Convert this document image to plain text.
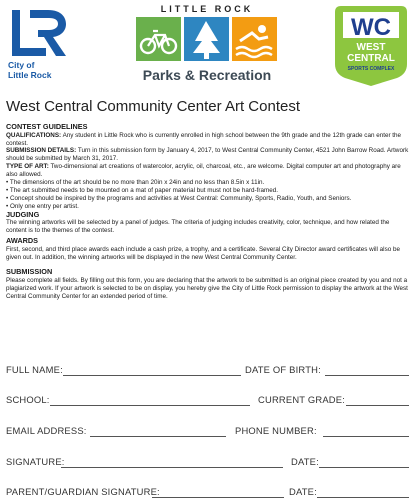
City of
Little Rock
LITTLE ROCK
Parks & Recreation
WC
WEST
CENTRAL
SPORTS COMPLEX
West Central Community Center Art Contest
CONTEST GUIDELINES

QUALIFICATIONS: Any student in Little Rock who is currently enrolled in high school between the 9th grade and the 12th grade can enter the contest.

SUBMISSION DETAILS: Turn in this submission form by January 4, 2017, to West Central Community Center, 4521 John Barrow Road. Artwork should be submitted by March 31, 2017.

TYPE OF ART: Two-dimensional art creations of watercolor, acrylic, oil, charcoal, etc., are welcome. Digital computer art and photography are also allowed.

• The dimensions of the art should be no more than 20in x 24in and no less than 8.5in x 11in.

• The art submitted needs to be mounted on a mat of paper material but must not be hard-framed.

• Concept should be inspired by the programs and activities at West Central: Community, Sports, Radio, Youth, and Seniors.

• Only one entry per artist.

JUDGING

The winning artworks will be selected by a panel of judges. The criteria of judging includes creativity, color, technique, and how related the content is to the themes of the contest.

AWARDS

First, second, and third place awards each include a cash prize, a trophy, and a certificate. Several City Director award certificates will also be given out. In addition, the winning artworks will be displayed in the new West Central Community Center.

SUBMISSION

Please complete all fields. By filling out this form, you are declaring that the artwork to be submitted is an original piece created by you and not a plagiarized work. If your artwork is selected to be on display, you hereby give the City of Little Rock permission to display the artwork at the West Central Community Center for an extended period of time.

FULL NAME:	DATE OF BIRTH:
SCHOOL:	CURRENT GRADE:
EMAIL ADDRESS:	PHONE NUMBER:
SIGNATURE:	DATE:
PARENT/GUARDIAN SIGNATURE:	DATE:
